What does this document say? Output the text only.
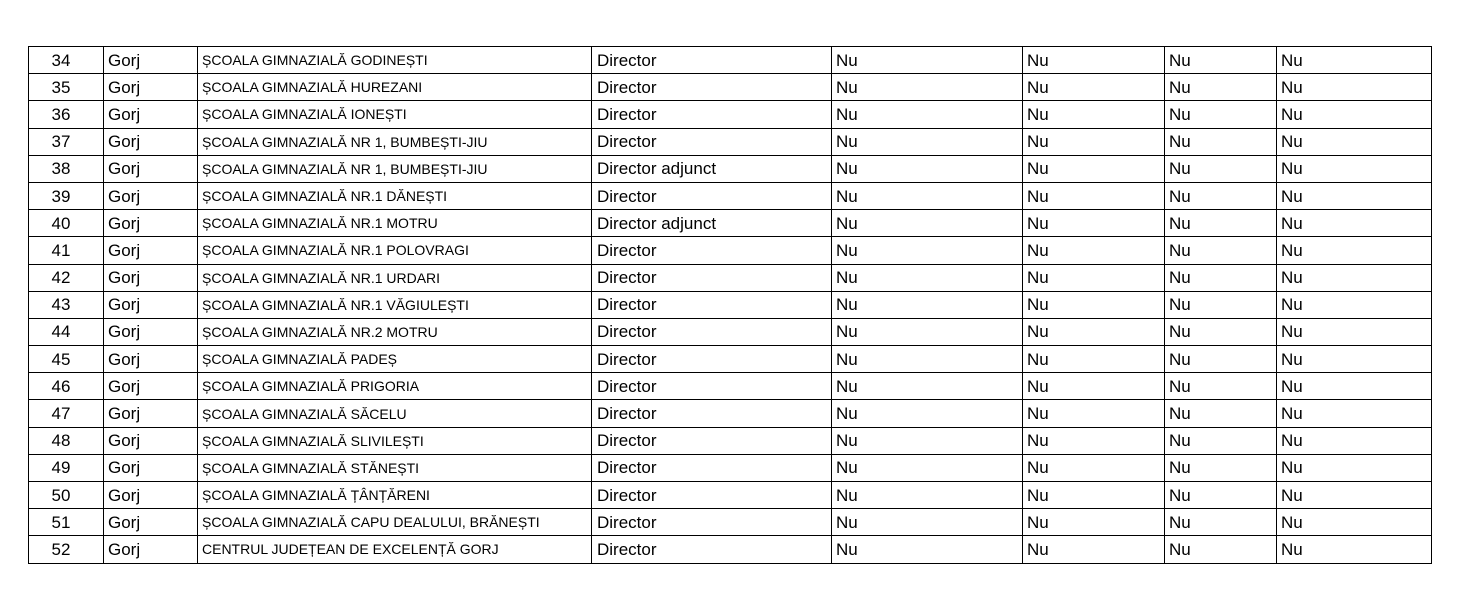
34	Gorj	ȘCOALA GIMNAZIALĂ GODINEȘTI	Director	Nu	Nu	Nu	Nu
35	Gorj	ȘCOALA GIMNAZIALĂ HUREZANI	Director	Nu	Nu	Nu	Nu
36	Gorj	ȘCOALA GIMNAZIALĂ IONEȘTI	Director	Nu	Nu	Nu	Nu
37	Gorj	ȘCOALA GIMNAZIALĂ NR 1, BUMBEȘTI-JIU	Director	Nu	Nu	Nu	Nu
38	Gorj	ȘCOALA GIMNAZIALĂ NR 1, BUMBEȘTI-JIU	Director adjunct	Nu	Nu	Nu	Nu
39	Gorj	ȘCOALA GIMNAZIALĂ NR.1 DĂNEȘTI	Director	Nu	Nu	Nu	Nu
40	Gorj	ȘCOALA GIMNAZIALĂ NR.1 MOTRU	Director adjunct	Nu	Nu	Nu	Nu
41	Gorj	ȘCOALA GIMNAZIALĂ NR.1 POLOVRAGI	Director	Nu	Nu	Nu	Nu
42	Gorj	ȘCOALA GIMNAZIALĂ NR.1 URDARI	Director	Nu	Nu	Nu	Nu
43	Gorj	ȘCOALA GIMNAZIALĂ NR.1 VĂGIULEȘTI	Director	Nu	Nu	Nu	Nu
44	Gorj	ȘCOALA GIMNAZIALĂ NR.2 MOTRU	Director	Nu	Nu	Nu	Nu
45	Gorj	ȘCOALA GIMNAZIALĂ PADEȘ	Director	Nu	Nu	Nu	Nu
46	Gorj	ȘCOALA GIMNAZIALĂ PRIGORIA	Director	Nu	Nu	Nu	Nu
47	Gorj	ȘCOALA GIMNAZIALĂ SĂCELU	Director	Nu	Nu	Nu	Nu
48	Gorj	ȘCOALA GIMNAZIALĂ SLIVILEȘTI	Director	Nu	Nu	Nu	Nu
49	Gorj	ȘCOALA GIMNAZIALĂ STĂNEȘTI	Director	Nu	Nu	Nu	Nu
50	Gorj	ȘCOALA GIMNAZIALĂ ȚÂNȚĂRENI	Director	Nu	Nu	Nu	Nu
51	Gorj	ȘCOALA GIMNAZIALĂ CAPU DEALULUI, BRĂNEȘTI	Director	Nu	Nu	Nu	Nu
52	Gorj	CENTRUL JUDEȚEAN DE EXCELENȚĂ GORJ	Director	Nu	Nu	Nu	Nu
